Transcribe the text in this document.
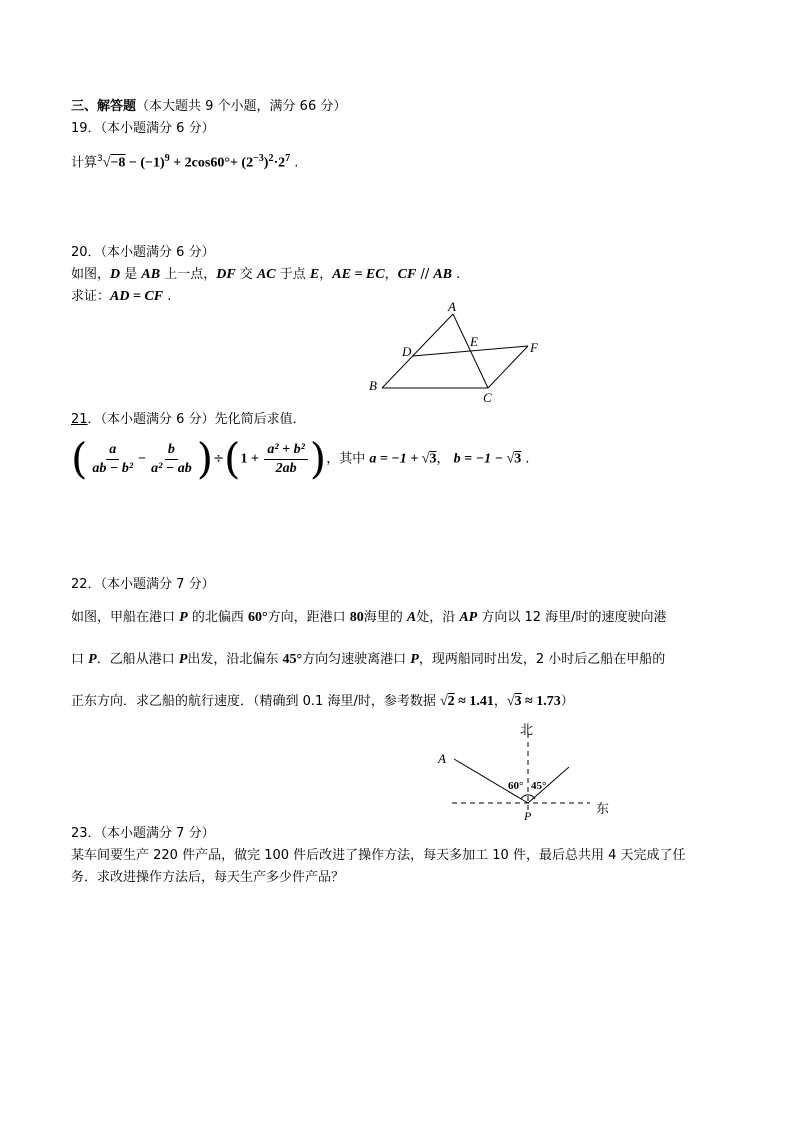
三、解答题（本大题共 9 个小题，满分 66 分）
19．（本小题满分 6 分）
计算$^3√-8 - (-1)^9 + 2\cos 60^\circ+ (2^{-3})^2\cdot 2^7$ .
20．（本小题满分 6 分）
如图，D 是 AB 上一点，DF 交 AC 于点 E，AE = EC，CF // AB .
求证：AD = CF .
A
B
C
D
E	F
21．（本小题满分 6 分）先化简后求值．
( $\frac{a}{\text{ab − b²}} - \frac{b}{\text{a² − ab}} )\div(1 + \frac{\text{a² + b²}}{2ab}$ )，其中 a = −1 + √3， b = −1 − √3 .
22．（本小题满分 7 分）
如图，甲船在港口 P 的北偏西 60°方向，距港口 80海里的 A处，沿 AP 方向以 12 海里/时的速度驶向港
口 P．乙船从港口 P出发，沿北偏东 45°方向匀速驶离港口 P，现两船同时出发，2 小时后乙船在甲船的
正东方向．求乙船的航行速度．（精确到 0.1 海里/时，参考数据 √2 ≈ 1.41，√3 ≈ 1.73）
北
东
A
P
60° 45°
23．（本小题满分 7 分）
某车间要生产 220 件产品，做完 100 件后改进了操作方法，每天多加工 10 件，最后总共用 4 天完成了任
务．求改进操作方法后，每天生产多少件产品？
